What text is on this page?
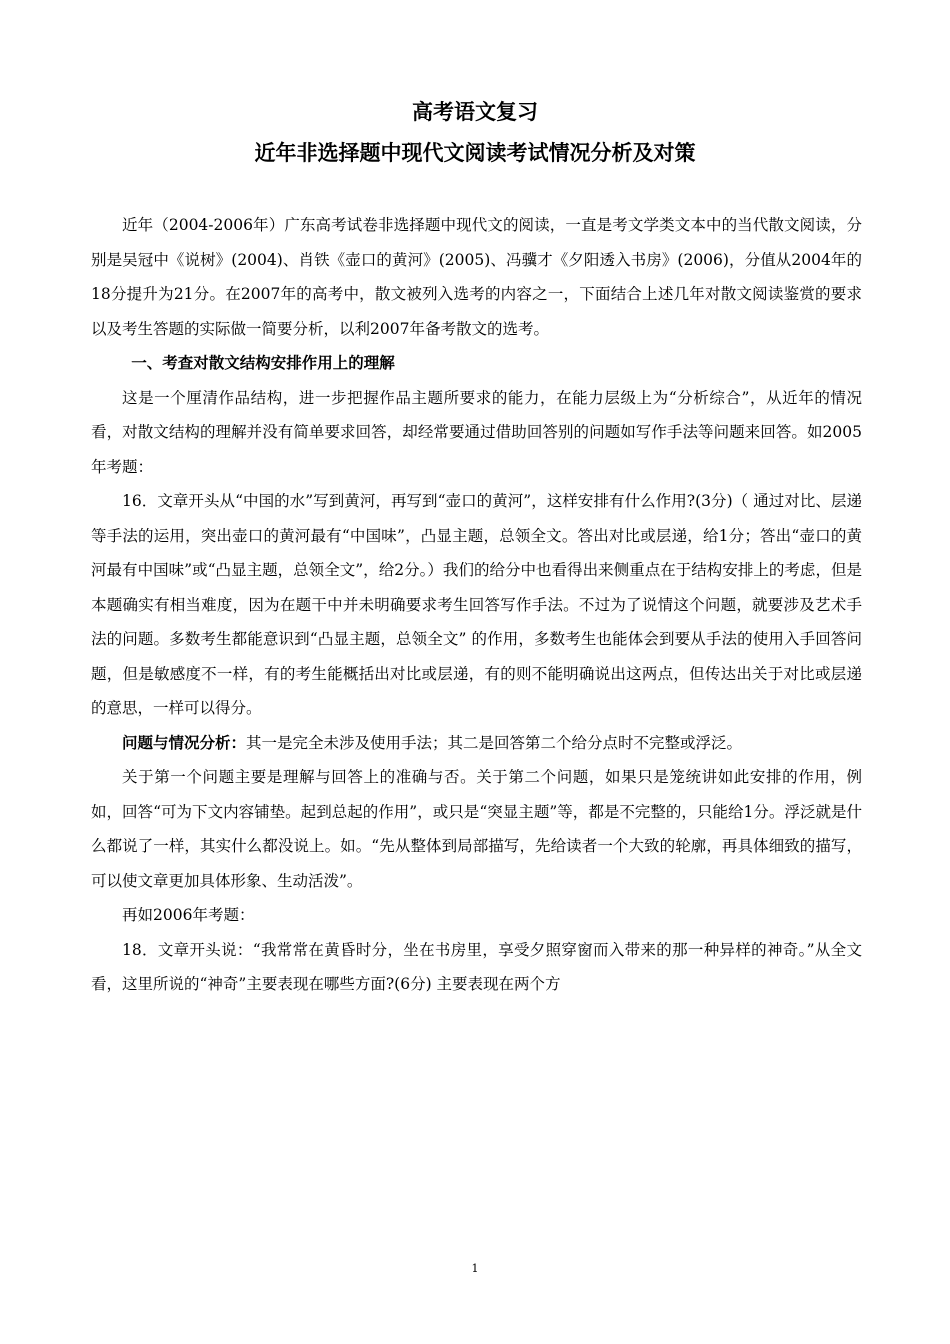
高考语文复习
近年非选择题中现代文阅读考试情况分析及对策

近年（2004-2006年）广东高考试卷非选择题中现代文的阅读，一直是考文学类文本中的当代散文阅读，分别是吴冠中《说树》(2004)、肖铁《壶口的黄河》(2005)、冯骥才《夕阳透入书房》(2006)，分值从2004年的18分提升为21分。在2007年的高考中，散文被列入选考的内容之一，下面结合上述几年对散文阅读鉴赏的要求以及考生答题的实际做一简要分析，以利2007年备考散文的选考。

一、考查对散文结构安排作用上的理解

这是一个厘清作品结构，进一步把握作品主题所要求的能力，在能力层级上为“分析综合”，从近年的情况看，对散文结构的理解并没有简单要求回答，却经常要通过借助回答别的问题如写作手法等问题来回答。如2005年考题：

16．文章开头从“中国的水”写到黄河，再写到“壶口的黄河”，这样安排有什么作用?(3分)（ 通过对比、层递等手法的运用，突出壶口的黄河最有“中国味”，凸显主题，总领全文。答出对比或层递，给1分；答出“壶口的黄河最有中国味”或“凸显主题，总领全文”，给2分。）我们的给分中也看得出来侧重点在于结构安排上的考虑，但是本题确实有相当难度，因为在题干中并未明确要求考生回答写作手法。不过为了说情这个问题，就要涉及艺术手法的问题。多数考生都能意识到“凸显主题，总领全文” 的作用，多数考生也能体会到要从手法的使用入手回答问题，但是敏感度不一样，有的考生能概括出对比或层递，有的则不能明确说出这两点，但传达出关于对比或层递的意思，一样可以得分。

问题与情况分析：其一是完全未涉及使用手法；其二是回答第二个给分点时不完整或浮泛。

关于第一个问题主要是理解与回答上的准确与否。关于第二个问题，如果只是笼统讲如此安排的作用，例如，回答“可为下文内容铺垫。起到总起的作用”，或只是“突显主题”等，都是不完整的，只能给1分。浮泛就是什么都说了一样，其实什么都没说上。如。“先从整体到局部描写，先给读者一个大致的轮廓，再具体细致的描写，可以使文章更加具体形象、生动活泼”。

再如2006年考题：

18．文章开头说：“我常常在黄昏时分，坐在书房里，享受夕照穿窗而入带来的那一种异样的神奇。”从全文看，这里所说的“神奇”主要表现在哪些方面?(6分) 主要表现在两个方

1
